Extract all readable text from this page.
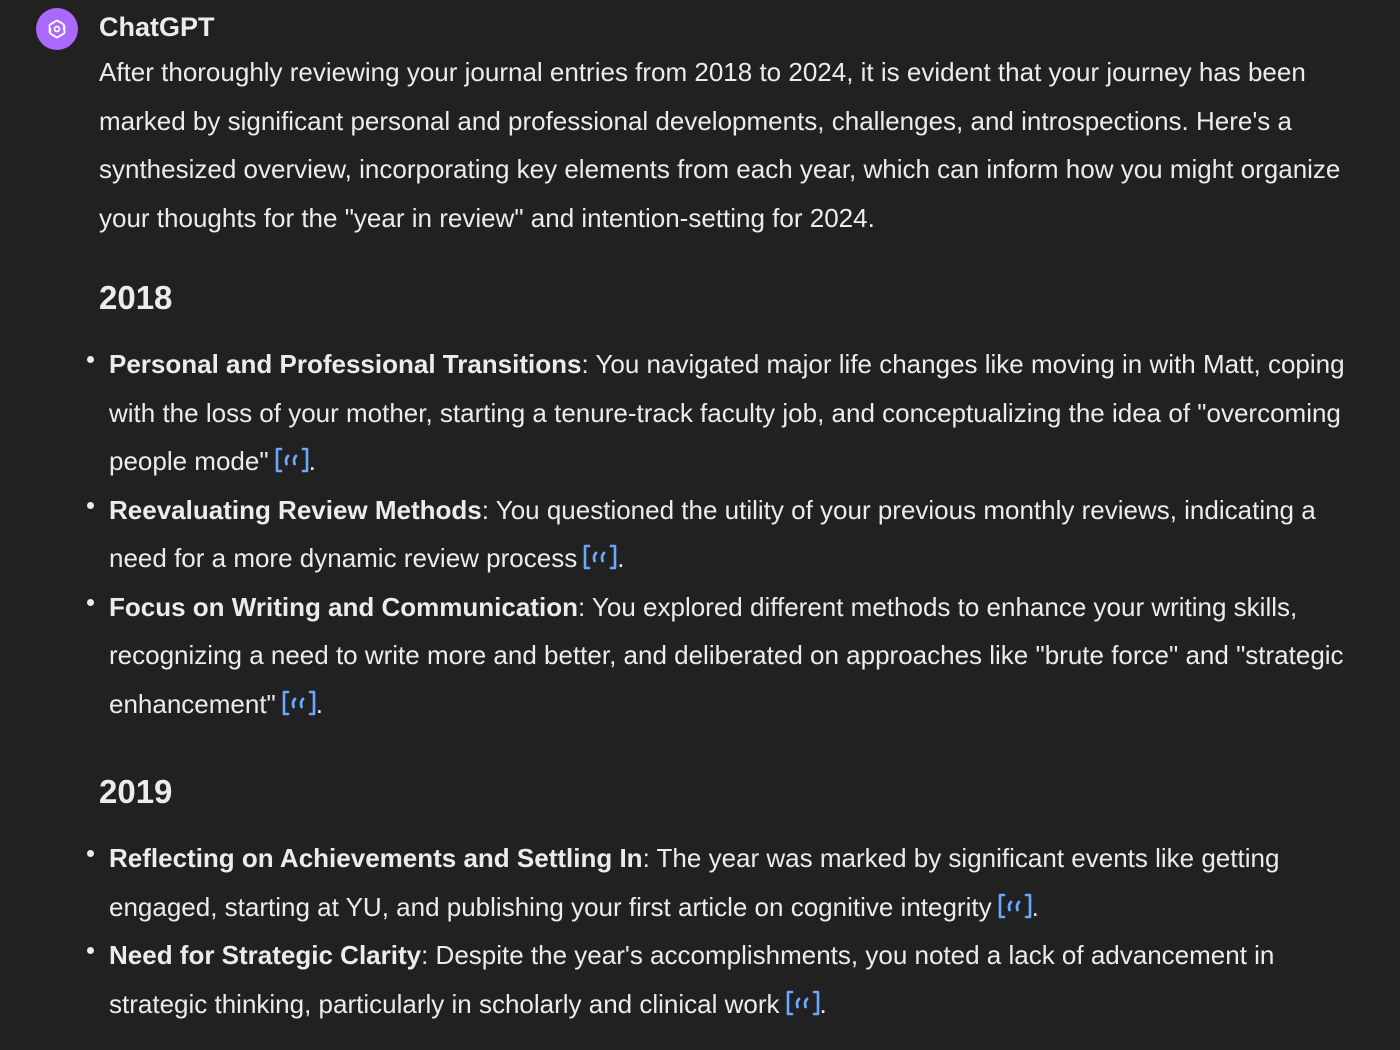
ChatGPT

After thoroughly reviewing your journal entries from 2018 to 2024, it is evident that your journey has been marked by significant personal and professional developments, challenges, and introspections. Here's a synthesized overview, incorporating key elements from each year, which can inform how you might organize your thoughts for the "year in review" and intention-setting for 2024.

2018
Personal and Professional Transitions: You navigated major life changes like moving in with Matt, coping with the loss of your mother, starting a tenure-track faculty job, and conceptualizing the idea of "overcoming people mode" .
Reevaluating Review Methods: You questioned the utility of your previous monthly reviews, indicating a need for a more dynamic review process .
Focus on Writing and Communication: You explored different methods to enhance your writing skills, recognizing a need to write more and better, and deliberated on approaches like "brute force" and "strategic enhancement" .
2019
Reflecting on Achievements and Settling In: The year was marked by significant events like getting engaged, starting at YU, and publishing your first article on cognitive integrity .
Need for Strategic Clarity: Despite the year's accomplishments, you noted a lack of advancement in strategic thinking, particularly in scholarly and clinical work .
